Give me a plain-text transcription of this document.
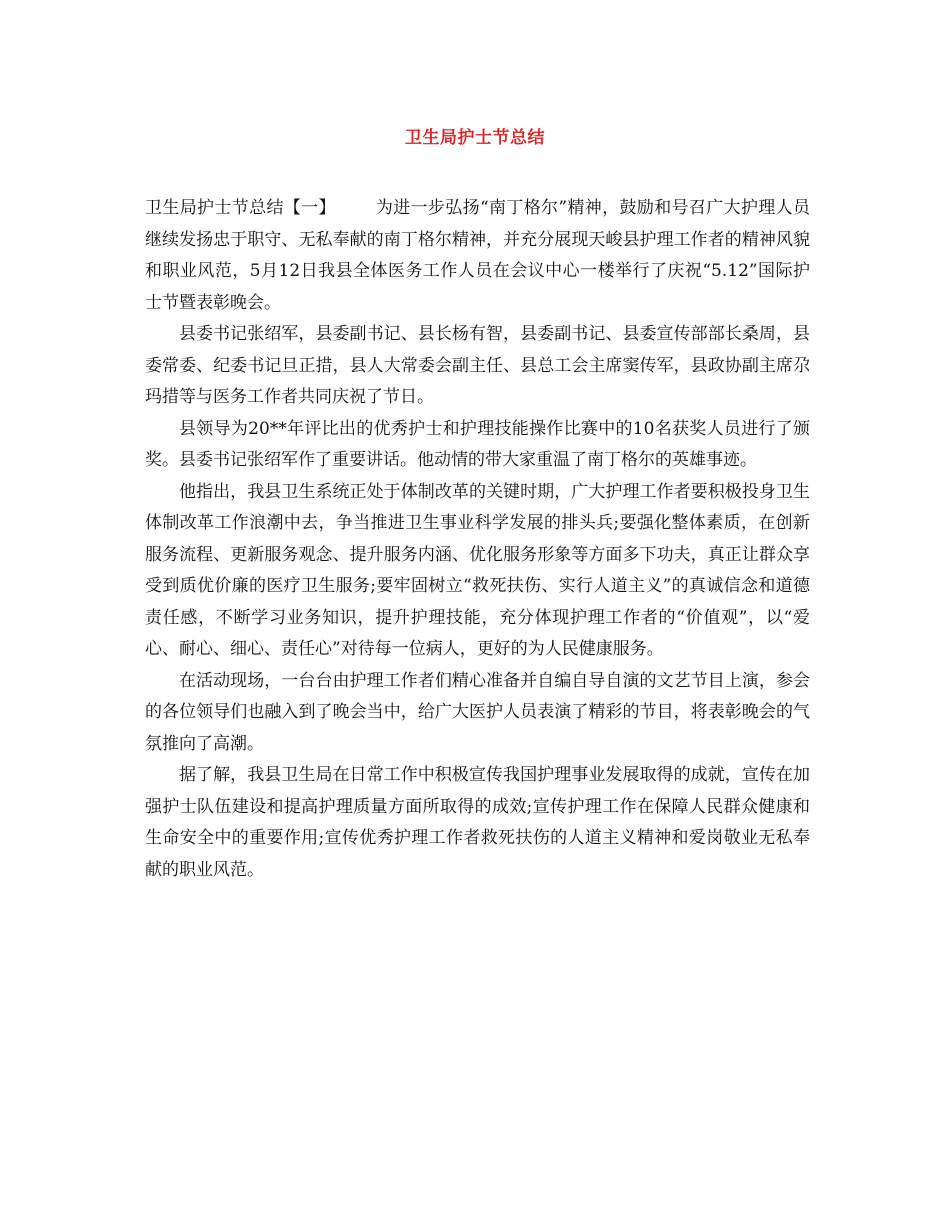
卫生局护士节总结

卫生局护士节总结【一】 为进一步弘扬“南丁格尔”精神，鼓励和号召广大护理人员继续发扬忠于职守、无私奉献的南丁格尔精神，并充分展现天峻县护理工作者的精神风貌和职业风范，5月12日我县全体医务工作人员在会议中心一楼举行了庆祝“5.12”国际护士节暨表彰晚会。

县委书记张绍军，县委副书记、县长杨有智，县委副书记、县委宣传部部长桑周，县委常委、纪委书记旦正措，县人大常委会副主任、县总工会主席窦传军，县政协副主席尕玛措等与医务工作者共同庆祝了节日。

县领导为20**年评比出的优秀护士和护理技能操作比赛中的10名获奖人员进行了颁奖。县委书记张绍军作了重要讲话。他动情的带大家重温了南丁格尔的英雄事迹。

他指出，我县卫生系统正处于体制改革的关键时期，广大护理工作者要积极投身卫生体制改革工作浪潮中去，争当推进卫生事业科学发展的排头兵;要强化整体素质，在创新服务流程、更新服务观念、提升服务内涵、优化服务形象等方面多下功夫，真正让群众享受到质优价廉的医疗卫生服务;要牢固树立“救死扶伤、实行人道主义”的真诚信念和道德责任感，不断学习业务知识，提升护理技能，充分体现护理工作者的“价值观”，以“爱心、耐心、细心、责任心”对待每一位病人，更好的为人民健康服务。

在活动现场，一台台由护理工作者们精心准备并自编自导自演的文艺节目上演，参会的各位领导们也融入到了晚会当中，给广大医护人员表演了精彩的节目，将表彰晚会的气氛推向了高潮。

据了解，我县卫生局在日常工作中积极宣传我国护理事业发展取得的成就，宣传在加强护士队伍建设和提高护理质量方面所取得的成效;宣传护理工作在保障人民群众健康和生命安全中的重要作用;宣传优秀护理工作者救死扶伤的人道主义精神和爱岗敬业无私奉献的职业风范。
